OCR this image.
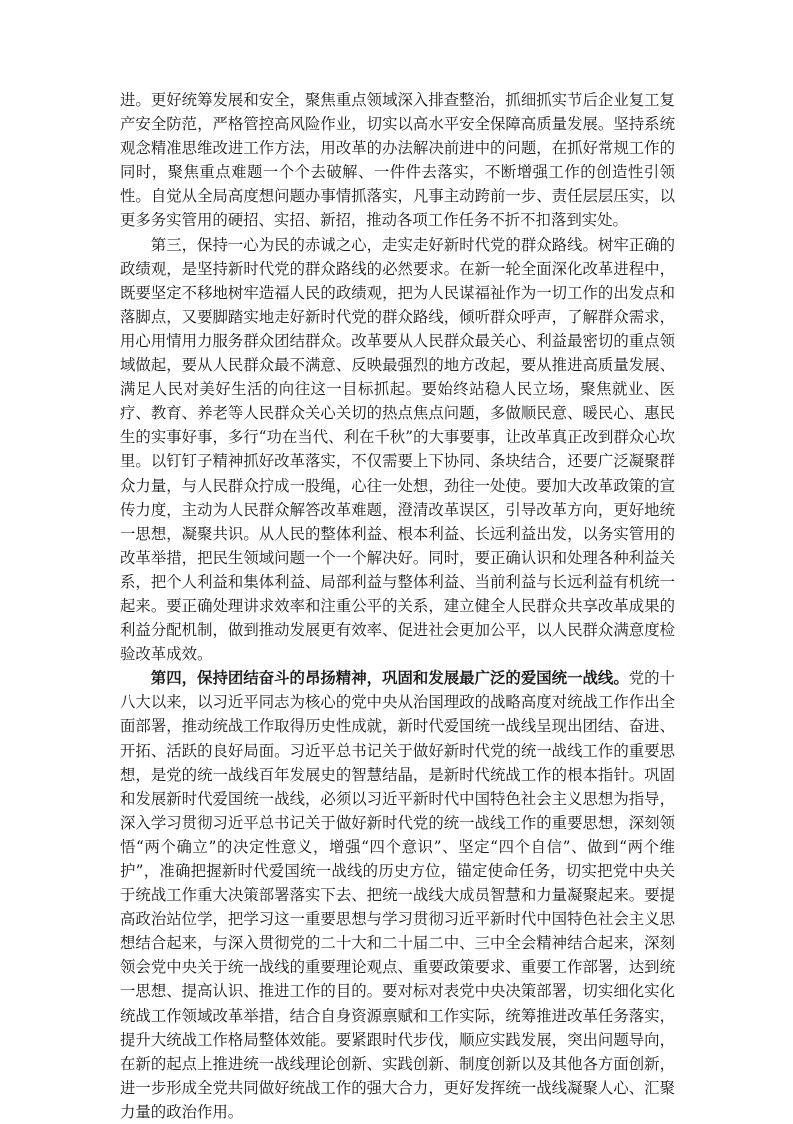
进。更好统筹发展和安全，聚焦重点领域深入排查整治，抓细抓实节后企业复工复产安全防范，严格管控高风险作业，切实以高水平安全保障高质量发展。坚持系统观念精准思维改进工作方法，用改革的办法解决前进中的问题，在抓好常规工作的同时，聚焦重点难题一个个去破解、一件件去落实，不断增强工作的创造性引领性。自觉从全局高度想问题办事情抓落实，凡事主动跨前一步、责任层层压实，以更多务实管用的硬招、实招、新招，推动各项工作任务不折不扣落到实处。

第三，保持一心为民的赤诚之心，走实走好新时代党的群众路线。树牢正确的政绩观，是坚持新时代党的群众路线的必然要求。在新一轮全面深化改革进程中，既要坚定不移地树牢造福人民的政绩观，把为人民谋福祉作为一切工作的出发点和落脚点，又要脚踏实地走好新时代党的群众路线，倾听群众呼声，了解群众需求，用心用情用力服务群众团结群众。改革要从人民群众最关心、利益最密切的重点领域做起，要从人民群众最不满意、反映最强烈的地方改起，要从推进高质量发展、满足人民对美好生活的向往这一目标抓起。要始终站稳人民立场，聚焦就业、医疗、教育、养老等人民群众关心关切的热点焦点问题，多做顺民意、暖民心、惠民生的实事好事，多行“功在当代、利在千秋”的大事要事，让改革真正改到群众心坎里。以钉钉子精神抓好改革落实，不仅需要上下协同、条块结合，还要广泛凝聚群众力量，与人民群众拧成一股绳，心往一处想，劲往一处使。要加大改革政策的宣传力度，主动为人民群众解答改革难题，澄清改革误区，引导改革方向，更好地统一思想，凝聚共识。从人民的整体利益、根本利益、长远利益出发，以务实管用的改革举措，把民生领域问题一个一个解决好。同时，要正确认识和处理各种利益关系，把个人利益和集体利益、局部利益与整体利益、当前利益与长远利益有机统一起来。要正确处理讲求效率和注重公平的关系，建立健全人民群众共享改革成果的利益分配机制，做到推动发展更有效率、促进社会更加公平，以人民群众满意度检验改革成效。

第四，保持团结奋斗的昂扬精神，巩固和发展最广泛的爱国统一战线。党的十八大以来，以习近平同志为核心的党中央从治国理政的战略高度对统战工作作出全面部署，推动统战工作取得历史性成就，新时代爱国统一战线呈现出团结、奋进、开拓、活跃的良好局面。习近平总书记关于做好新时代党的统一战线工作的重要思想，是党的统一战线百年发展史的智慧结晶，是新时代统战工作的根本指针。巩固和发展新时代爱国统一战线，必须以习近平新时代中国特色社会主义思想为指导，深入学习贯彻习近平总书记关于做好新时代党的统一战线工作的重要思想，深刻领悟“两个确立”的决定性意义，增强“四个意识”、坚定“四个自信”、做到“两个维护”，准确把握新时代爱国统一战线的历史方位，锚定使命任务，切实把党中央关于统战工作重大决策部署落实下去、把统一战线大成员智慧和力量凝聚起来。要提高政治站位学，把学习这一重要思想与学习贯彻习近平新时代中国特色社会主义思想结合起来，与深入贯彻党的二十大和二十届二中、三中全会精神结合起来，深刻领会党中央关于统一战线的重要理论观点、重要政策要求、重要工作部署，达到统一思想、提高认识、推进工作的目的。要对标对表党中央决策部署，切实细化实化统战工作领域改革举措，结合自身资源禀赋和工作实际，统筹推进改革任务落实，提升大统战工作格局整体效能。要紧跟时代步伐，顺应实践发展，突出问题导向，在新的起点上推进统一战线理论创新、实践创新、制度创新以及其他各方面创新，进一步形成全党共同做好统战工作的强大合力，更好发挥统一战线凝聚人心、汇聚力量的政治作用。
